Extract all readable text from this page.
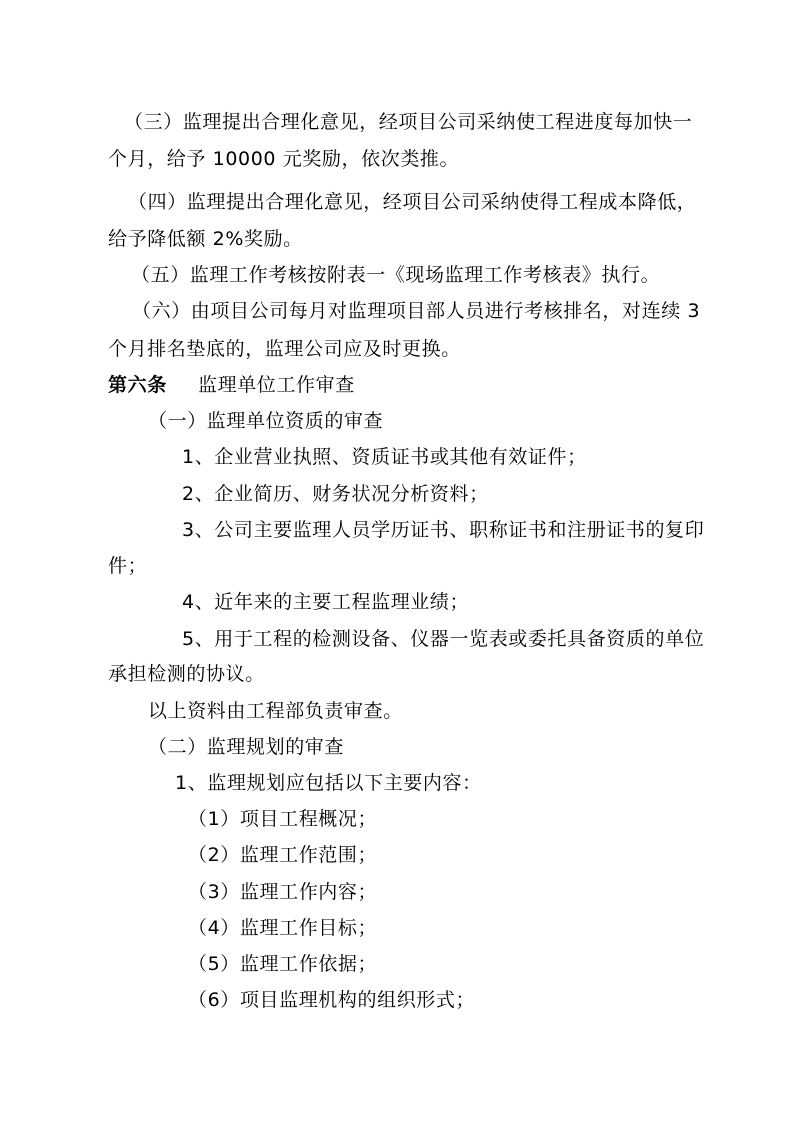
（三）监理提出合理化意见，经项目公司采纳使工程进度每加快一
个月，给予 10000 元奖励，依次类推。
（四）监理提出合理化意见，经项目公司采纳使得工程成本降低，
给予降低额 2%奖励。
（五）监理工作考核按附表一《现场监理工作考核表》执行。
（六）由项目公司每月对监理项目部人员进行考核排名，对连续 3
个月排名垫底的，监理公司应及时更换。
第六条 监理单位工作审查
（一）监理单位资质的审查
1、企业营业执照、资质证书或其他有效证件；
2、企业简历、财务状况分析资料；
3、公司主要监理人员学历证书、职称证书和注册证书的复印
件；
4、近年来的主要工程监理业绩；
5、用于工程的检测设备、仪器一览表或委托具备资质的单位
承担检测的协议。
以上资料由工程部负责审查。
（二）监理规划的审查
1、监理规划应包括以下主要内容：
（1）项目工程概况；
（2）监理工作范围；
（3）监理工作内容；
（4）监理工作目标；
（5）监理工作依据；
（6）项目监理机构的组织形式；
